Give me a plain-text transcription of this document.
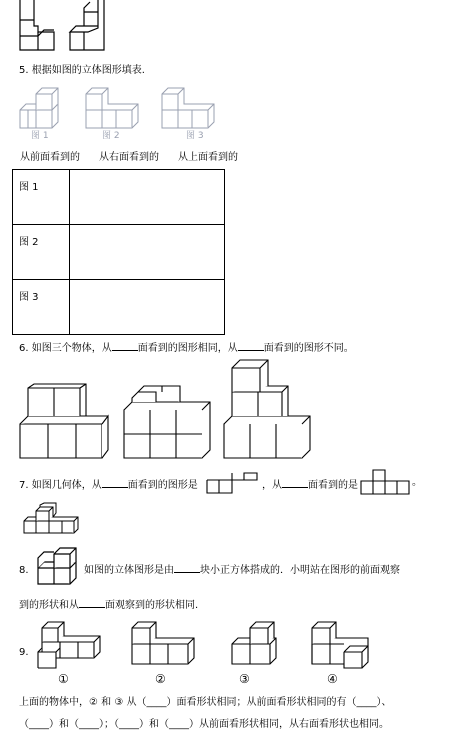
5. 根据如图的立体图形填表.
图 1	图 2	图 3
从前面看到的 从右面看到的 从上面看到的
图 1	
图 2	
图 3	
6. 如图三个物体，从	面看到的图形相同，从	面看到的图形不同。
7. 如图几何体，从	面看到的图形是	，从	面看到的是	。
8.	如图的立体图形是由	块小正方体搭成的．小明站在图形的前面观察
到的形状和从	面观察到的形状相同.
9.
①	②	③	④
上面的物体中，② 和 ③ 从（____）面看形状相同；从前面看形状相同的有（____）、
（____）和（____）；（____）和（____）从前面看形状相同，从右面看形状也相同。
